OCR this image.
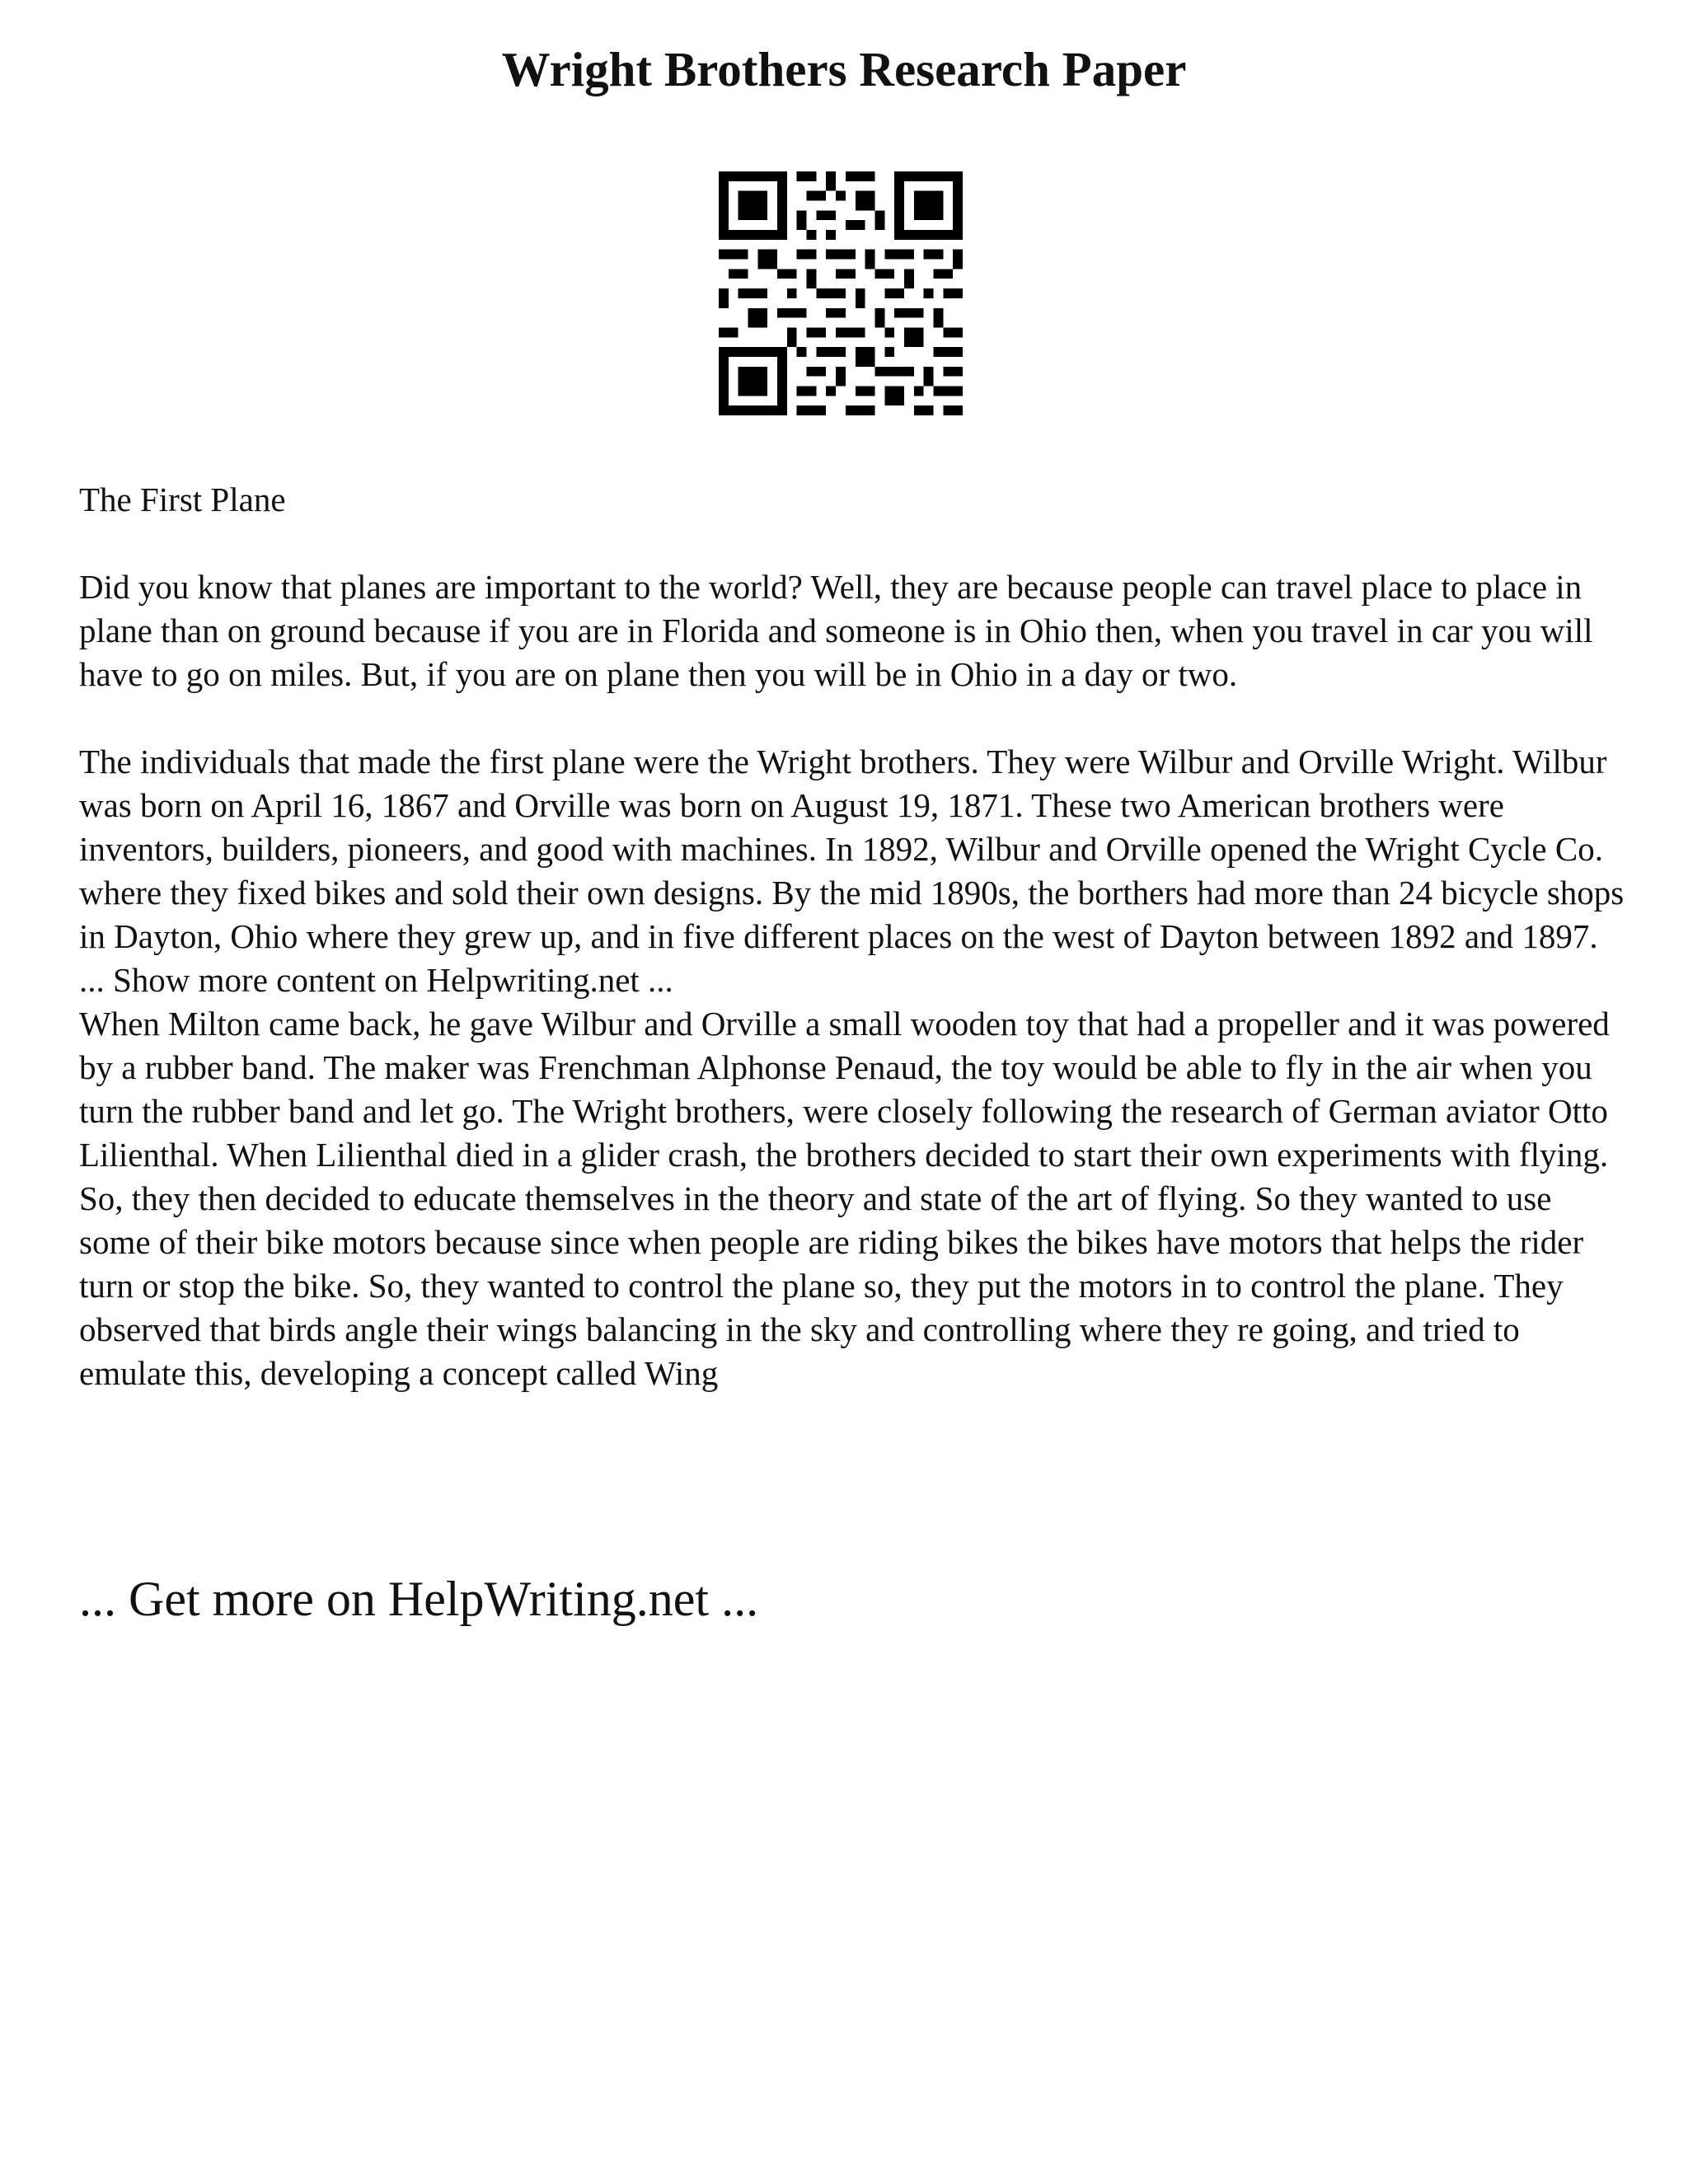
Wright Brothers Research Paper

The First Plane

Did you know that planes are important to the world? Well, they are because people can travel place to place in plane than on ground because if you are in Florida and someone is in Ohio then, when you travel in car you will have to go on miles. But, if you are on plane then you will be in Ohio in a day or two.

The individuals that made the first plane were the Wright brothers. They were Wilbur and Orville Wright. Wilbur was born on April 16, 1867 and Orville was born on August 19, 1871. These two American brothers were inventors, builders, pioneers, and good with machines. In 1892, Wilbur and Orville opened the Wright Cycle Co. where they fixed bikes and sold their own designs. By the mid 1890s, the borthers had more than 24 bicycle shops in Dayton, Ohio where they grew up, and in five different places on the west of Dayton between 1892 and 1897. ... Show more content on Helpwriting.net ...

When Milton came back, he gave Wilbur and Orville a small wooden toy that had a propeller and it was powered by a rubber band. The maker was Frenchman Alphonse Penaud, the toy would be able to fly in the air when you turn the rubber band and let go. The Wright brothers, were closely following the research of German aviator Otto Lilienthal. When Lilienthal died in a glider crash, the brothers decided to start their own experiments with flying. So, they then decided to educate themselves in the theory and state of the art of flying. So they wanted to use some of their bike motors because since when people are riding bikes the bikes have motors that helps the rider turn or stop the bike. So, they wanted to control the plane so, they put the motors in to control the plane. They observed that birds angle their wings balancing in the sky and controlling where they re going, and tried to emulate this, developing a concept called Wing

... Get more on HelpWriting.net ...
